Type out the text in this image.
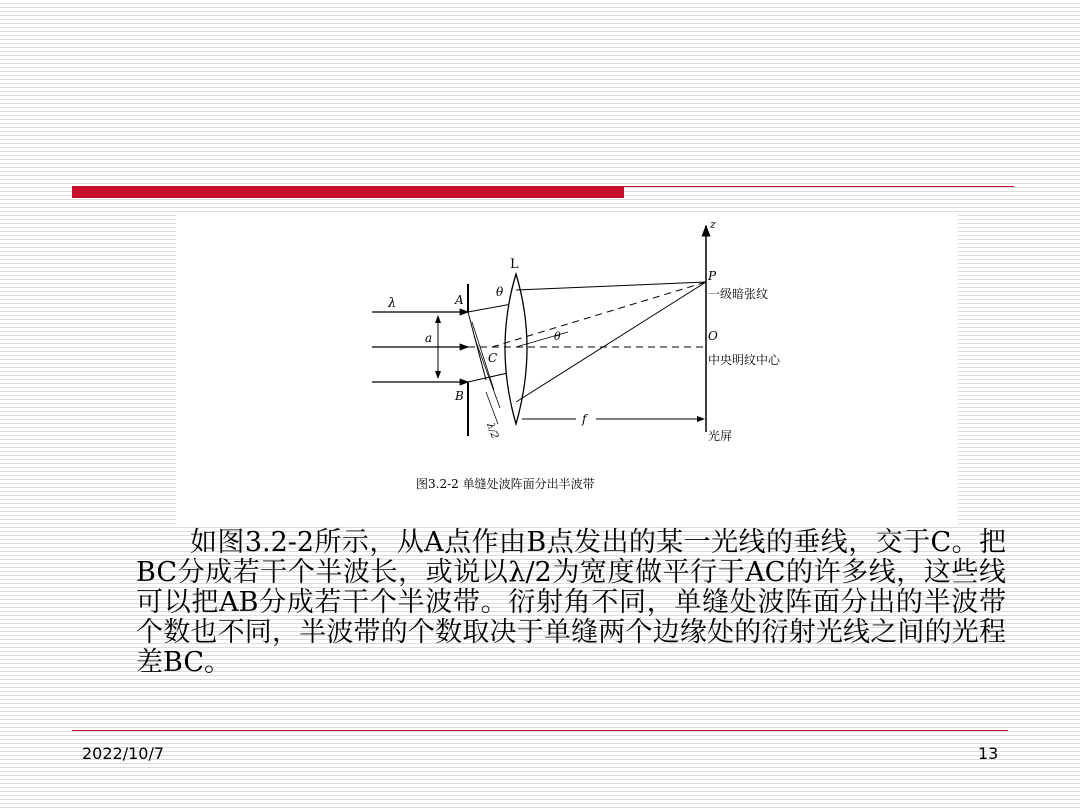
λ	A
a
B
C
θ
θ
L
P
一级暗张纹
O
中央明纹中心
f
光屏
z
λ/2
图3.2-2 单缝处波阵面分出半波带

如图3.2-2所示，从A点作由B点发出的某一光线的垂线，交于C。把BC分成若干个半波长，或说以λ/2为宽度做平行于AC的许多线，这些线可以把AB分成若干个半波带。衍射角不同，单缝处波阵面分出的半波带个数也不同，半波带的个数取决于单缝两个边缘处的衍射光线之间的光程差BC。

2022/10/7	13
